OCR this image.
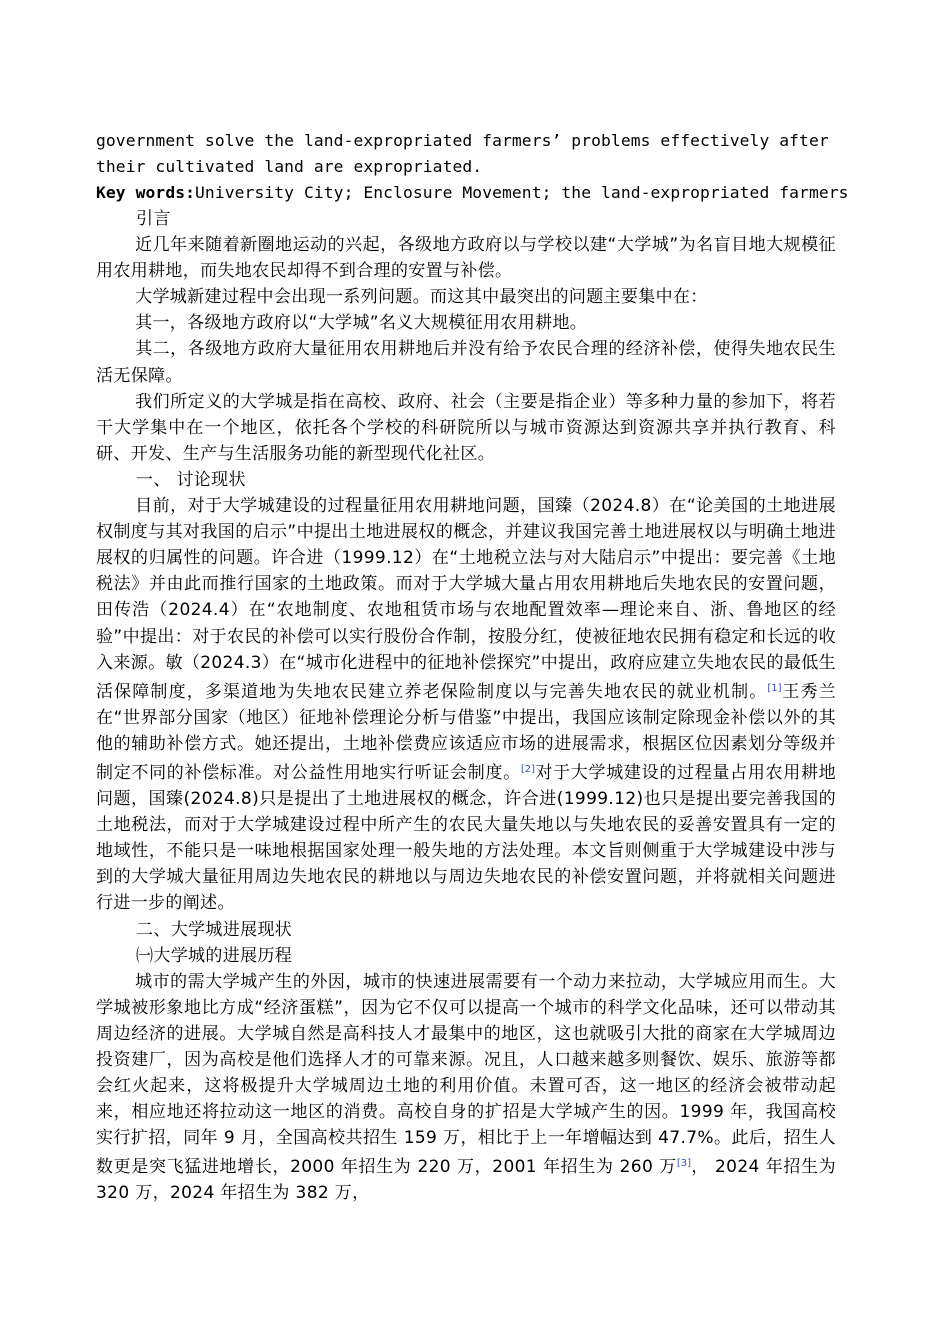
government solve the land-expropriated farmers’ problems effectively after

their cultivated land are expropriated.

Key words:University City; Enclosure Movement; the land-expropriated farmers

引言

近几年来随着新圈地运动的兴起，各级地方政府以与学校以建“大学城”为名盲目地大规模征用农用耕地，而失地农民却得不到合理的安置与补偿。

大学城新建过程中会出现一系列问题。而这其中最突出的问题主要集中在：

其一，各级地方政府以“大学城”名义大规模征用农用耕地。

其二，各级地方政府大量征用农用耕地后并没有给予农民合理的经济补偿，使得失地农民生活无保障。

我们所定义的大学城是指在高校、政府、社会（主要是指企业）等多种力量的参加下，将若干大学集中在一个地区，依托各个学校的科研院所以与城市资源达到资源共享并执行教育、科研、开发、生产与生活服务功能的新型现代化社区。

一、 讨论现状

目前，对于大学城建设的过程量征用农用耕地问题，国臻（2024.8）在“论美国的土地进展权制度与其对我国的启示”中提出土地进展权的概念，并建议我国完善土地进展权以与明确土地进展权的归属性的问题。许合进（1999.12）在“土地税立法与对大陆启示”中提出：要完善《土地税法》并由此而推行国家的土地政策。而对于大学城大量占用农用耕地后失地农民的安置问题，田传浩（2024.4）在“农地制度、农地租赁市场与农地配置效率—理论来自、浙、鲁地区的经验”中提出：对于农民的补偿可以实行股份合作制，按股分红，使被征地农民拥有稳定和长远的收入来源。敏（2024.3）在“城市化进程中的征地补偿探究”中提出，政府应建立失地农民的最低生活保障制度，多渠道地为失地农民建立养老保险制度以与完善失地农民的就业机制。[1]王秀兰在“世界部分国家（地区）征地补偿理论分析与借鉴”中提出，我国应该制定除现金补偿以外的其他的辅助补偿方式。她还提出，土地补偿费应该适应市场的进展需求，根据区位因素划分等级并制定不同的补偿标准。对公益性用地实行听证会制度。[2]对于大学城建设的过程量占用农用耕地问题，国臻(2024.8)只是提出了土地进展权的概念，许合进(1999.12)也只是提出要完善我国的土地税法，而对于大学城建设过程中所产生的农民大量失地以与失地农民的妥善安置具有一定的地域性，不能只是一味地根据国家处理一般失地的方法处理。本文旨则侧重于大学城建设中涉与到的大学城大量征用周边失地农民的耕地以与周边失地农民的补偿安置问题，并将就相关问题进行进一步的阐述。

二、大学城进展现状

㈠大学城的进展历程

城市的需大学城产生的外因，城市的快速进展需要有一个动力来拉动，大学城应用而生。大学城被形象地比方成“经济蛋糕”，因为它不仅可以提高一个城市的科学文化品味，还可以带动其周边经济的进展。大学城自然是高科技人才最集中的地区，这也就吸引大批的商家在大学城周边投资建厂，因为高校是他们选择人才的可靠来源。况且，人口越来越多则餐饮、娱乐、旅游等都会红火起来，这将极提升大学城周边土地的利用价值。未置可否，这一地区的经济会被带动起来，相应地还将拉动这一地区的消费。高校自身的扩招是大学城产生的因。1999 年，我国高校实行扩招，同年 9 月，全国高校共招生 159 万，相比于上一年增幅达到 47.7%。此后，招生人数更是突飞猛进地增长，2000 年招生为 220 万，2001 年招生为 260 万[3]， 2024 年招生为 320 万，2024 年招生为 382 万，
